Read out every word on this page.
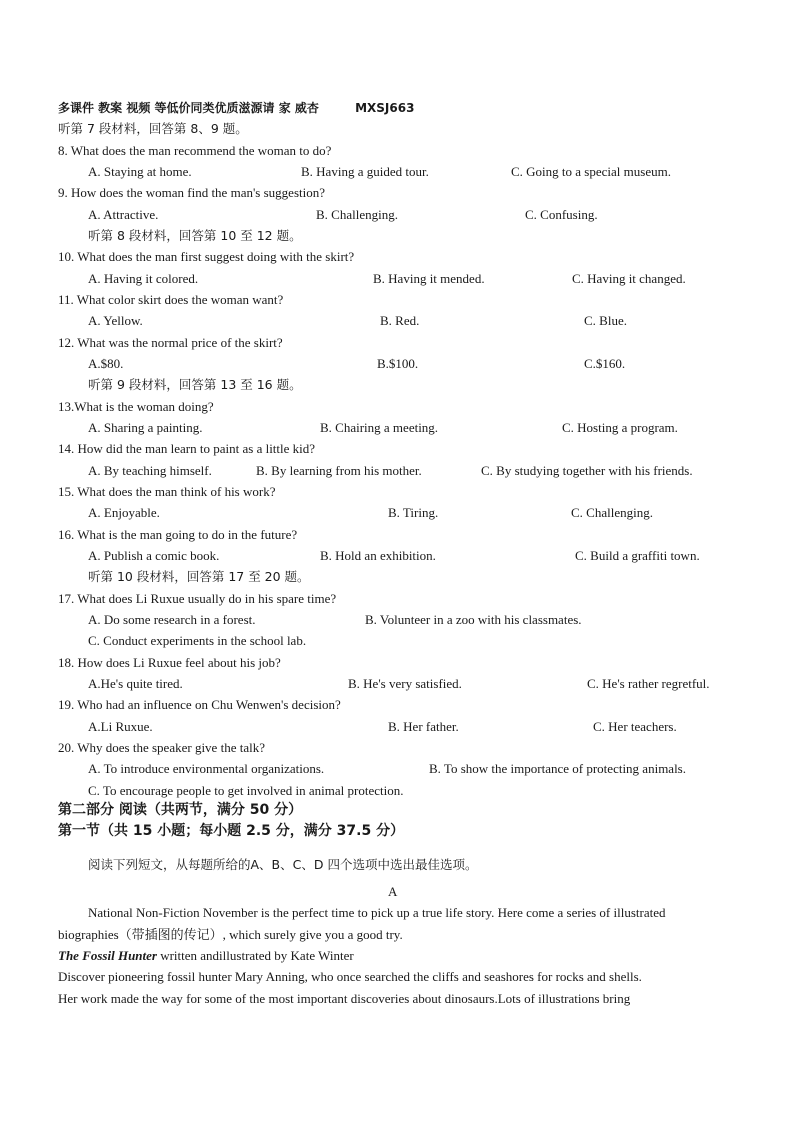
多课件 教案 视频 等低价同类优质滋源请 家 威杏	MXSJ663
听第 7 段材料，回答第 8、9 题。
8. What does the man recommend the woman to do?
A. Staying at home.	B. Having a guided tour.	C. Going to a special museum.
9. How does the woman find the man's suggestion?
A. Attractive.	B. Challenging.	C. Confusing.
听第 8 段材料，回答第 10 至 12 题。
10. What does the man first suggest doing with the skirt?
A. Having it colored.	B. Having it mended.	C. Having it changed.
11. What color skirt does the woman want?
A. Yellow.	B. Red.	C. Blue.
12. What was the normal price of the skirt?
A.$80.	B.$100.	C.$160.
听第 9 段材料，回答第 13 至 16 题。
13.What is the woman doing?
A. Sharing a painting.	B. Chairing a meeting.	C. Hosting a program.
14. How did the man learn to paint as a little kid?
A. By teaching himself.	B. By learning from his mother.	C. By studying together with his friends.
15. What does the man think of his work?
A. Enjoyable.	B. Tiring.	C. Challenging.
16. What is the man going to do in the future?
A. Publish a comic book.	B. Hold an exhibition.	C. Build a graffiti town.
听第 10 段材料，回答第 17 至 20 题。
17. What does Li Ruxue usually do in his spare time?
A. Do some research in a forest.	B. Volunteer in a zoo with his classmates.
C. Conduct experiments in the school lab.
18. How does Li Ruxue feel about his job?
A.He's quite tired.	B. He's very satisfied.	C. He's rather regretful.
19. Who had an influence on Chu Wenwen's decision?
A.Li Ruxue.	B. Her father.	C. Her teachers.
20. Why does the speaker give the talk?
A. To introduce environmental organizations.	B. To show the importance of protecting animals.
C. To encourage people to get involved in animal protection.
第二部分 阅读（共两节，满分 50 分）
第一节（共 15 小题；每小题 2.5 分，满分 37.5 分）
阅读下列短文，从每题所给的A、B、C、D 四个选项中选出最佳选项。
A
National Non-Fiction November is the perfect time to pick up a true life story. Here come a series of illustrated
biographies（带插图的传记）, which surely give you a good try.
The Fossil Hunter written andillustrated by Kate Winter
Discover pioneering fossil hunter Mary Anning, who once searched the cliffs and seashores for rocks and shells.
Her work made the way for some of the most important discoveries about dinosaurs.Lots of illustrations bring
